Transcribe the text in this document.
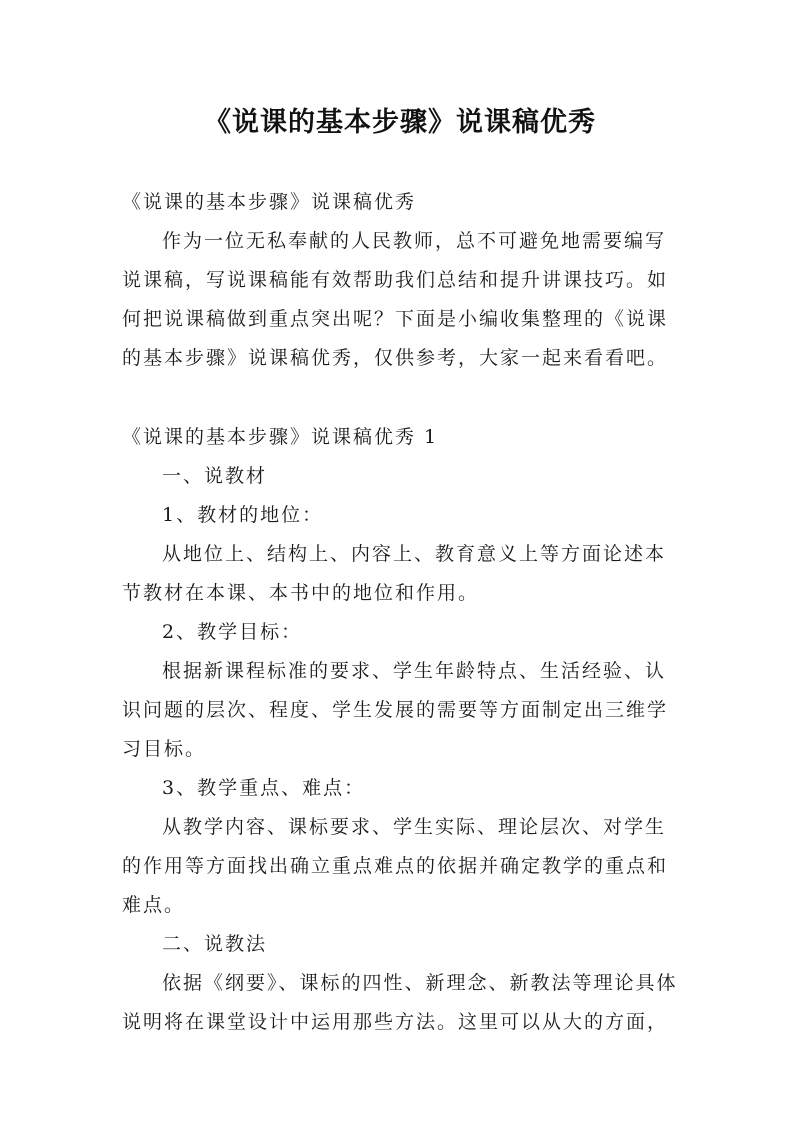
《说课的基本步骤》说课稿优秀

《说课的基本步骤》说课稿优秀

作为一位无私奉献的人民教师，总不可避免地需要编写说课稿，写说课稿能有效帮助我们总结和提升讲课技巧。如何把说课稿做到重点突出呢？下面是小编收集整理的《说课的基本步骤》说课稿优秀，仅供参考，大家一起来看看吧。

《说课的基本步骤》说课稿优秀 1

一、说教材

1、教材的地位：

从地位上、结构上、内容上、教育意义上等方面论述本节教材在本课、本书中的地位和作用。

2、教学目标：

根据新课程标准的要求、学生年龄特点、生活经验、认识问题的层次、程度、学生发展的需要等方面制定出三维学习目标。

3、教学重点、难点：

从教学内容、课标要求、学生实际、理论层次、对学生的作用等方面找出确立重点难点的依据并确定教学的重点和难点。

二、说教法

依据《纲要》、课标的四性、新理念、新教法等理论具体说明将在课堂设计中运用那些方法。这里可以从大的方面，
